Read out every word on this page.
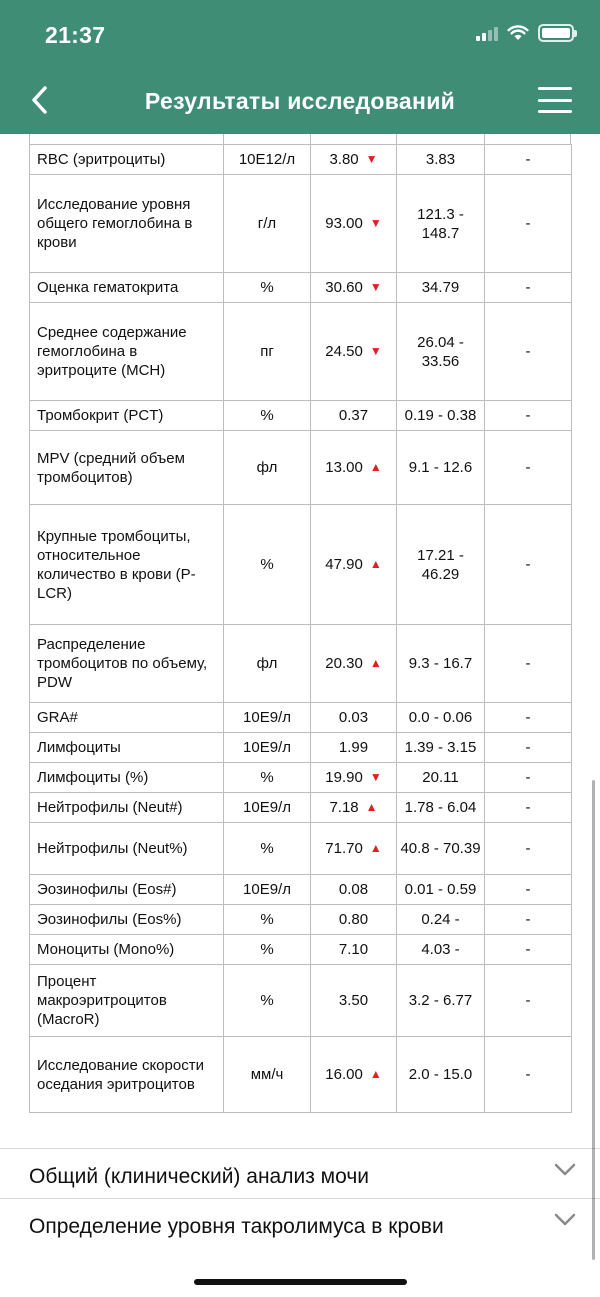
21:37
Результаты исследований
RBC (эритроциты)	10E12/л	3.80 ▼	3.83	-
Исследование уровня общего гемоглобина в крови	г/л	93.00 ▼	121.3 - 148.7	-
Оценка гематокрита	%	30.60 ▼	34.79	-
Среднее содержание гемоглобина в эритроците (MCH)	пг	24.50 ▼	26.04 - 33.56	-
Тромбокрит (PCT)	%	0.37	0.19 - 0.38	-
MPV (средний объем тромбоцитов)	фл	13.00 ▲	9.1 - 12.6	-
Крупные тромбоциты, относительное количество в крови (P-LCR)	%	47.90 ▲	17.21 - 46.29	-
Распределение тромбоцитов по объему, PDW	фл	20.30 ▲	9.3 - 16.7	-
GRA#	10E9/л	0.03	0.0 - 0.06	-
Лимфоциты	10E9/л	1.99	1.39 - 3.15	-
Лимфоциты (%)	%	19.90 ▼	20.11	-
Нейтрофилы (Neut#)	10E9/л	7.18 ▲	1.78 - 6.04	-
Нейтрофилы (Neut%)	%	71.70 ▲	40.8 - 70.39	-
Эозинофилы (Eos#)	10E9/л	0.08	0.01 - 0.59	-
Эозинофилы (Eos%)	%	0.80	0.24 -	-
Моноциты (Mono%)	%	7.10	4.03 -	-
Процент макроэритроцитов (MacroR)	%	3.50	3.2 - 6.77	-
Исследование скорости оседания эритроцитов	мм/ч	16.00 ▲	2.0 - 15.0	-
Общий (клинический) анализ мочи
Определение уровня такролимуса в крови
